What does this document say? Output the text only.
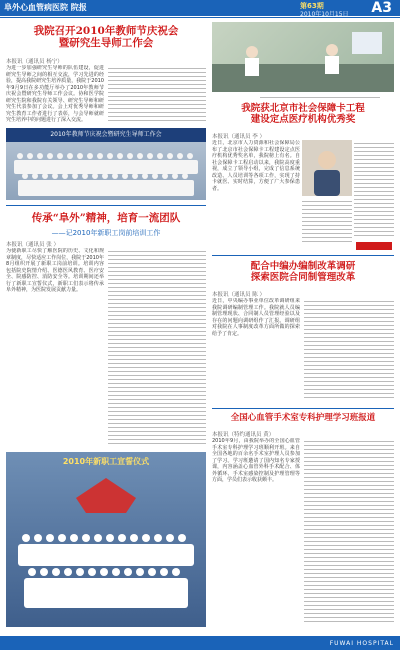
阜外心血管病医院 院报	第63期
2010年10月15日 A3
我院召开2010年教师节庆祝会
暨研究生导师工作会
本报讯（通讯员 杨宁）
为进一步加强研究生导师的队伍建设，促进研究生导师之间的相互交流，学习先进的经验，提高我院研究生培养质量，我院于2010年9月9日在多功能厅举办了2010年教师节庆祝会暨研究生导师工作会议。协和医学院研究生院和我院有关领导、研究生导师和研究生代表参加了会议。会上对优秀导师和研究生教育工作者进行了表彰，与会导师就研究生培养中的问题进行了深入交流。
2010年教师节庆祝会暨研究生导师工作会
我院获北京市社会保障卡工程
建设定点医疗机构优秀奖
本报讯（通讯员 李 ）
近日，北京市人力资源和社会保障局公布了北京市社会保障卡工程建设定点医疗机构优秀奖名单，我院榜上有名。自社会保障卡工程启动以来，我院高度重视，成立了领导小组，完成了信息系统改造、人员培训等各项工作，实现了持卡就医、实时结算，方便了广大参保患者。
传承“阜外”精神，培育一流团队
——记2010年新职工岗前培训工作
本报讯（通讯员 张 ）
为使新职工尽快了解医院的历史、文化和规章制度，尽快适应工作岗位，我院于2010年8月组织开展了新职工岗前培训。培训内容包括院史院情介绍、医德医风教育、医疗安全、院感防控、消防安全等。培训期间还举行了新职工宣誓仪式，新职工们表示将传承阜外精神，为医院发展贡献力量。
2010年新职工宣誓仪式
配合中编办编制改革调研
探索医院合同制管理改革
本报讯（通讯员 陈 ）
近日，中央编办事业单位改革调研组来我院调研编制管理工作。我院就人员编制管理现状、合同制人员管理经验以及存在的问题向调研组作了汇报。调研组对我院在人事制度改革方面所做的探索给予了肯定。
全国心血管手术室专科护理学习班报道
本报讯（特约通讯员 黄）
2010年9月，由我院举办的全国心血管手术室专科护理学习班顺利开班。来自全国各地的百余名手术室护理人员参加了学习。学习班邀请了国内知名专家授课，内容涵盖心血管外科手术配合、体外循环、手术室感染控制及护理管理等方面，学员们表示收获颇丰。
FUWAI HOSPITAL
